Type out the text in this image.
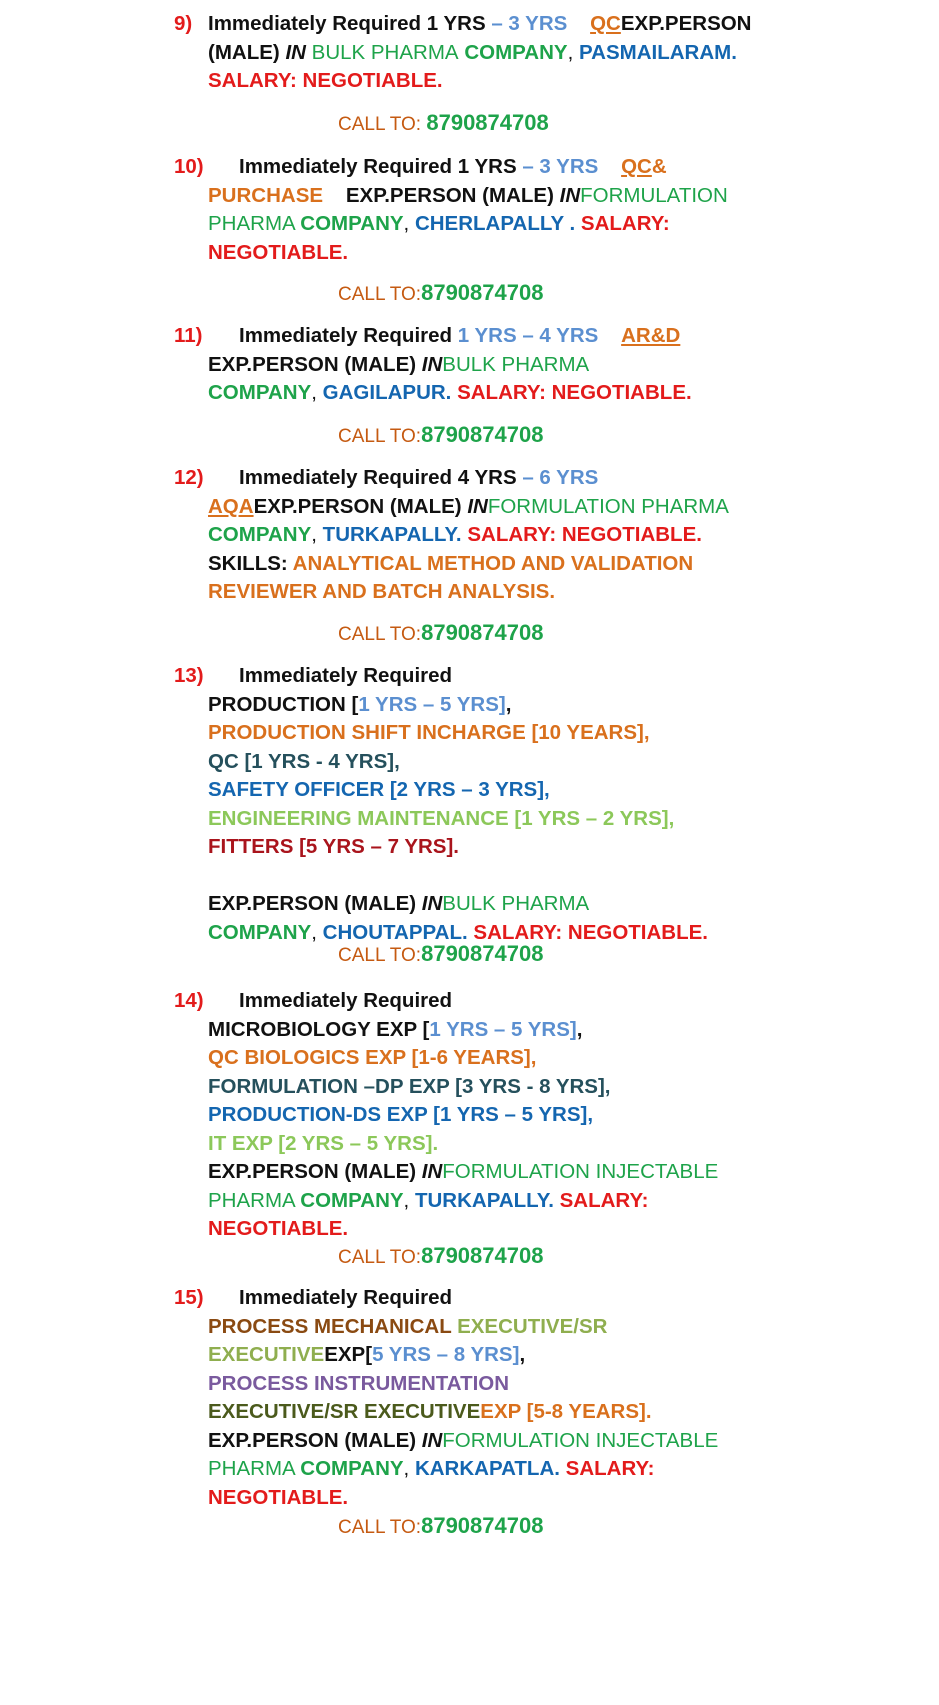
9) Immediately Required 1 YRS – 3 YRS QCEXP.PERSON
(MALE) IN BULK PHARMA COMPANY, PASMAILARAM.
SALARY: NEGOTIABLE.
CALL TO: 8790874708
10) Immediately Required 1 YRS – 3 YRS QC&
PURCHASE EXP.PERSON (MALE) INFORMULATION
PHARMA COMPANY, CHERLAPALLY . SALARY:
NEGOTIABLE.
CALL TO:8790874708
11) Immediately Required 1 YRS – 4 YRS AR&D
EXP.PERSON (MALE) INBULK PHARMA
COMPANY, GAGILAPUR. SALARY: NEGOTIABLE.
CALL TO:8790874708
12) Immediately Required 4 YRS – 6 YRS
AQAEXP.PERSON (MALE) INFORMULATION PHARMA
COMPANY, TURKAPALLY. SALARY: NEGOTIABLE.
SKILLS: ANALYTICAL METHOD AND VALIDATION
REVIEWER AND BATCH ANALYSIS.
CALL TO:8790874708
13) Immediately Required
PRODUCTION [1 YRS – 5 YRS],
PRODUCTION SHIFT INCHARGE [10 YEARS],
QC [1 YRS - 4 YRS],
SAFETY OFFICER [2 YRS – 3 YRS],
ENGINEERING MAINTENANCE [1 YRS – 2 YRS],
FITTERS [5 YRS – 7 YRS].

EXP.PERSON (MALE) INBULK PHARMA
COMPANY, CHOUTAPPAL. SALARY: NEGOTIABLE.
CALL TO:8790874708
14) Immediately Required
MICROBIOLOGY EXP [1 YRS – 5 YRS],
QC BIOLOGICS EXP [1-6 YEARS],
FORMULATION –DP EXP [3 YRS - 8 YRS],
PRODUCTION-DS EXP [1 YRS – 5 YRS],
IT EXP [2 YRS – 5 YRS].
EXP.PERSON (MALE) INFORMULATION INJECTABLE
PHARMA COMPANY, TURKAPALLY. SALARY:
NEGOTIABLE.
CALL TO:8790874708
15) Immediately Required
PROCESS MECHANICAL EXECUTIVE/SR
EXECUTIVEEXP[5 YRS – 8 YRS],
PROCESS INSTRUMENTATION
EXECUTIVE/SR EXECUTIVEEXP [5-8 YEARS].
EXP.PERSON (MALE) INFORMULATION INJECTABLE
PHARMA COMPANY, KARKAPATLA. SALARY:
NEGOTIABLE.
CALL TO:8790874708
